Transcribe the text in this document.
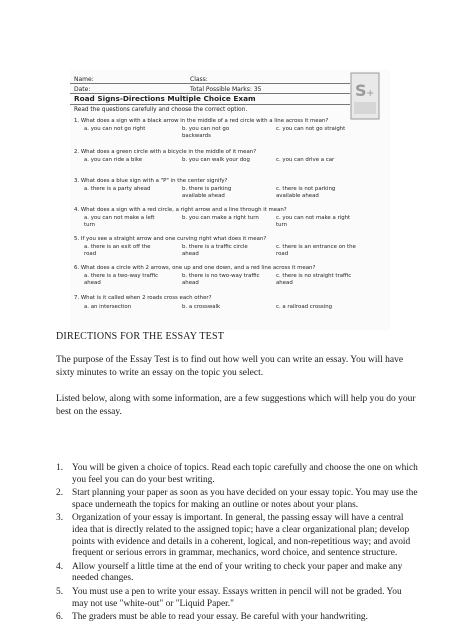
Name:	Class:
Date:	Total Possible Marks: 35
Road Signs-Directions Multiple Choice Exam
Read the questions carefully and choose the correct option.
1. What does a sign with a black arrow in the middle of a red circle with a line across it mean?
a. you can not go right	b. you can not go backwards
c. you can not go straight
2. What does a green circle with a bicycle in the middle of it mean?
a. you can ride a bike	b. you can walk your dog	c. you can drive a car
3. What does a blue sign with a "P" in the center signify?
a. there is a party ahead	b. there is parking available ahead
c. there is not parking available ahead
4. What does a sign with a red circle, a right arrow and a line through it mean?
a. you can not make a left turn
b. you can make a right turn	c. you can not make a right turn
5. If you see a straight arrow and one curving right what does it mean?
a. there is an exit off the road
b. there is a traffic circle ahead
c. there is an entrance on the road
6. What does a circle with 2 arrows, one up and one down, and a red line across it mean?
a. there is a two-way traffic ahead
b. there is no two-way traffic ahead
c. there is no straight traffic ahead
7. What is it called when 2 roads cross each other?
a. an intersection	b. a crosswalk	c. a railroad crossing
S +
DIRECTIONS FOR THE ESSAY TEST

The purpose of the Essay Test is to find out how well you can write an essay. You will have sixty minutes to write an essay on the topic you select.

Listed below, along with some information, are a few suggestions which will help you do your best on the essay.

1. You will be given a choice of topics. Read each topic carefully and choose the one on which you feel you can do your best writing.
2. Start planning your paper as soon as you have decided on your essay topic. You may use the space underneath the topics for making an outline or notes about your plans.
3. Organization of your essay is important. In general, the passing essay will have a central idea that is directly related to the assigned topic; have a clear organizational plan; develop points with evidence and details in a coherent, logical, and non-repetitious way; and avoid frequent or serious errors in grammar, mechanics, word choice, and sentence structure.
4. Allow yourself a little time at the end of your writing to check your paper and make any needed changes.
5. You must use a pen to write your essay. Essays written in pencil will not be graded. You may not use "white-out" or "Liquid Paper."
6. The graders must be able to read your essay. Be careful with your handwriting.
